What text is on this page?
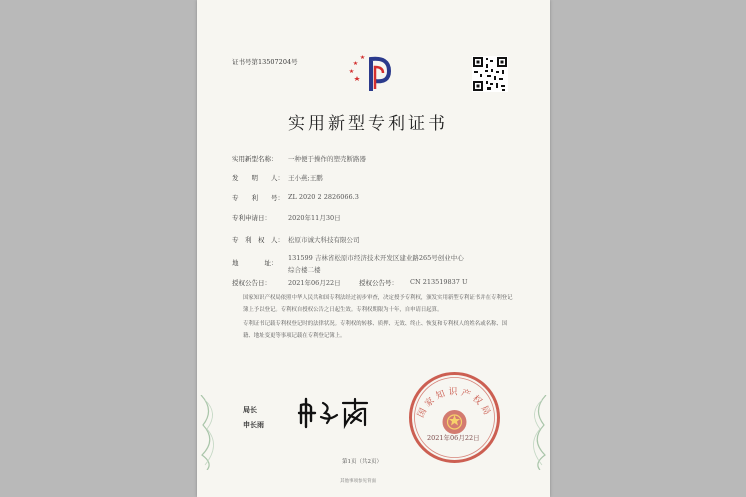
证书号第13507204号
实用新型专利证书
实用新型名称： 一种便于操作的塑壳断路器
发　　明　　人： 王小燕;王鹏
专　　利　　号： ZL 2020 2 2826066.3
专利申请日：	2020年11月30日
专　利　权　人： 松原市诚大科技有限公司
地　　　　址：
131599 吉林省松原市经济技术开发区建业路265号创业中心综合楼二楼
授权公告日：	2021年06月22日	授权公告号： CN 213519837 U
国家知识产权局依照中华人民共和国专利法经过初步审查，决定授予专利权，颁发实用新型专利证书并在专利登记簿上予以登记。专利权自授权公告之日起生效。专利权期限为十年，自申请日起算。
专利证书记载专利权登记时的法律状况。专利权的转移、质押、无效、终止、恢复和专利权人的姓名或名称、国籍、地址变更等事项记载在专利登记簿上。
局长
申长雨
国家知识产权局
2021年06月22日
第1页（共2页）
其他事项参见背面
